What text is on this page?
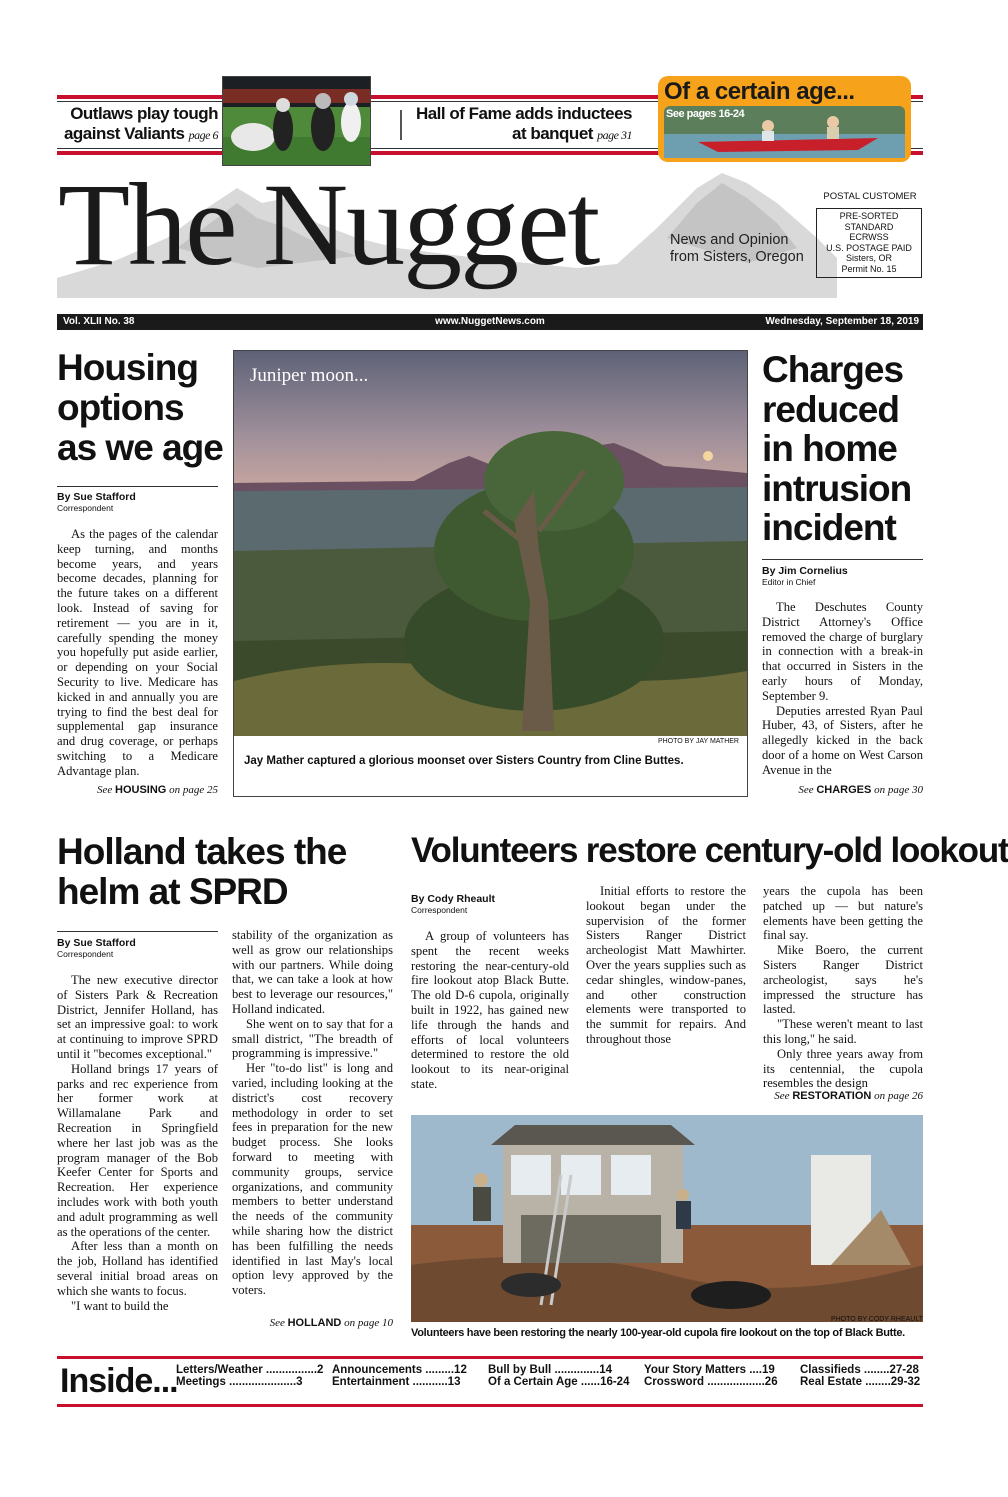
Outlaws play tough
against Valiants page 6
Hall of Fame adds inductees
at banquet page 31
Of a certain age...
See pages 16-24
The Nugget	News and Opinion
from Sisters, Oregon
POSTAL CUSTOMER
PRE-SORTED STANDARD
ECRWSS
U.S. POSTAGE PAID
Sisters, OR
Permit No. 15
Vol. XLII No. 38	www.NuggetNews.com	Wednesday, September 18, 2019
Housing
options
as we age
By Sue Stafford
Correspondent

As the pages of the calendar keep turning, and months become years, and years become decades, planning for the future takes on a different look. Instead of saving for retirement — you are in it, carefully spending the money you hopefully put aside earlier, or depending on your Social Security to live. Medicare has kicked in and annually you are trying to find the best deal for supplemental gap insurance and drug coverage, or perhaps switching to a Medicare Advantage plan.

See HOUSING on page 25
Juniper moon...
PHOTO BY JAY MATHER
Jay Mather captured a glorious moonset over Sisters Country from Cline Buttes.
Charges
reduced
in home
intrusion
incident
By Jim Cornelius
Editor in Chief

The Deschutes County District Attorney's Office removed the charge of burglary in connection with a break-in that occurred in Sisters in the early hours of Monday, September 9.

Deputies arrested Ryan Paul Huber, 43, of Sisters, after he allegedly kicked in the back door of a home on West Carson Avenue in the

See CHARGES on page 30
Holland takes the
helm at SPRD
By Sue Stafford
Correspondent

The new executive director of Sisters Park & Recreation District, Jennifer Holland, has set an impressive goal: to work at continuing to improve SPRD until it "becomes exceptional."

Holland brings 17 years of parks and rec experience from her former work at Willamalane Park and Recreation in Springfield where her last job was as the program manager of the Bob Keefer Center for Sports and Recreation. Her experience includes work with both youth and adult programming as well as the operations of the center.

After less than a month on the job, Holland has identified several initial broad areas on which she wants to focus.

"I want to build the

stability of the organization as well as grow our relationships with our partners. While doing that, we can take a look at how best to leverage our resources," Holland indicated.

She went on to say that for a small district, "The breadth of programming is impressive."

Her "to-do list" is long and varied, including looking at the district's cost recovery methodology in order to set fees in preparation for the new budget process. She looks forward to meeting with community groups, service organizations, and community members to better understand the needs of the community while sharing how the district has been fulfilling the needs identified in last May's local option levy approved by the voters.

See HOLLAND on page 10
Volunteers restore century-old lookout
By Cody Rheault
Correspondent

A group of volunteers has spent the recent weeks restoring the near-century-old fire lookout atop Black Butte. The old D-6 cupola, originally built in 1922, has gained new life through the hands and efforts of local volunteers determined to restore the old lookout to its near-original state.

Initial efforts to restore the lookout began under the supervision of the former Sisters Ranger District archeologist Matt Mawhirter. Over the years supplies such as cedar shingles, window-panes, and other construction elements were transported to the summit for repairs. And throughout those

years the cupola has been patched up — but nature's elements have been getting the final say.

Mike Boero, the current Sisters Ranger District archeologist, says he's impressed the structure has lasted.

"These weren't meant to last this long," he said.

Only three years away from its centennial, the cupola resembles the design

See RESTORATION on page 26
PHOTO BY CODY RHEAULT
Volunteers have been restoring the nearly 100-year-old cupola fire lookout on the top of Black Butte.
Inside...
Letters/Weather ................2	Announcements .........12	Bull by Bull ..............14	Your Story Matters ....19	Classifieds ........27-28
Meetings .....................3	Entertainment ...........13	Of a Certain Age ......16-24	Crossword ..................26	Real Estate ........29-32
